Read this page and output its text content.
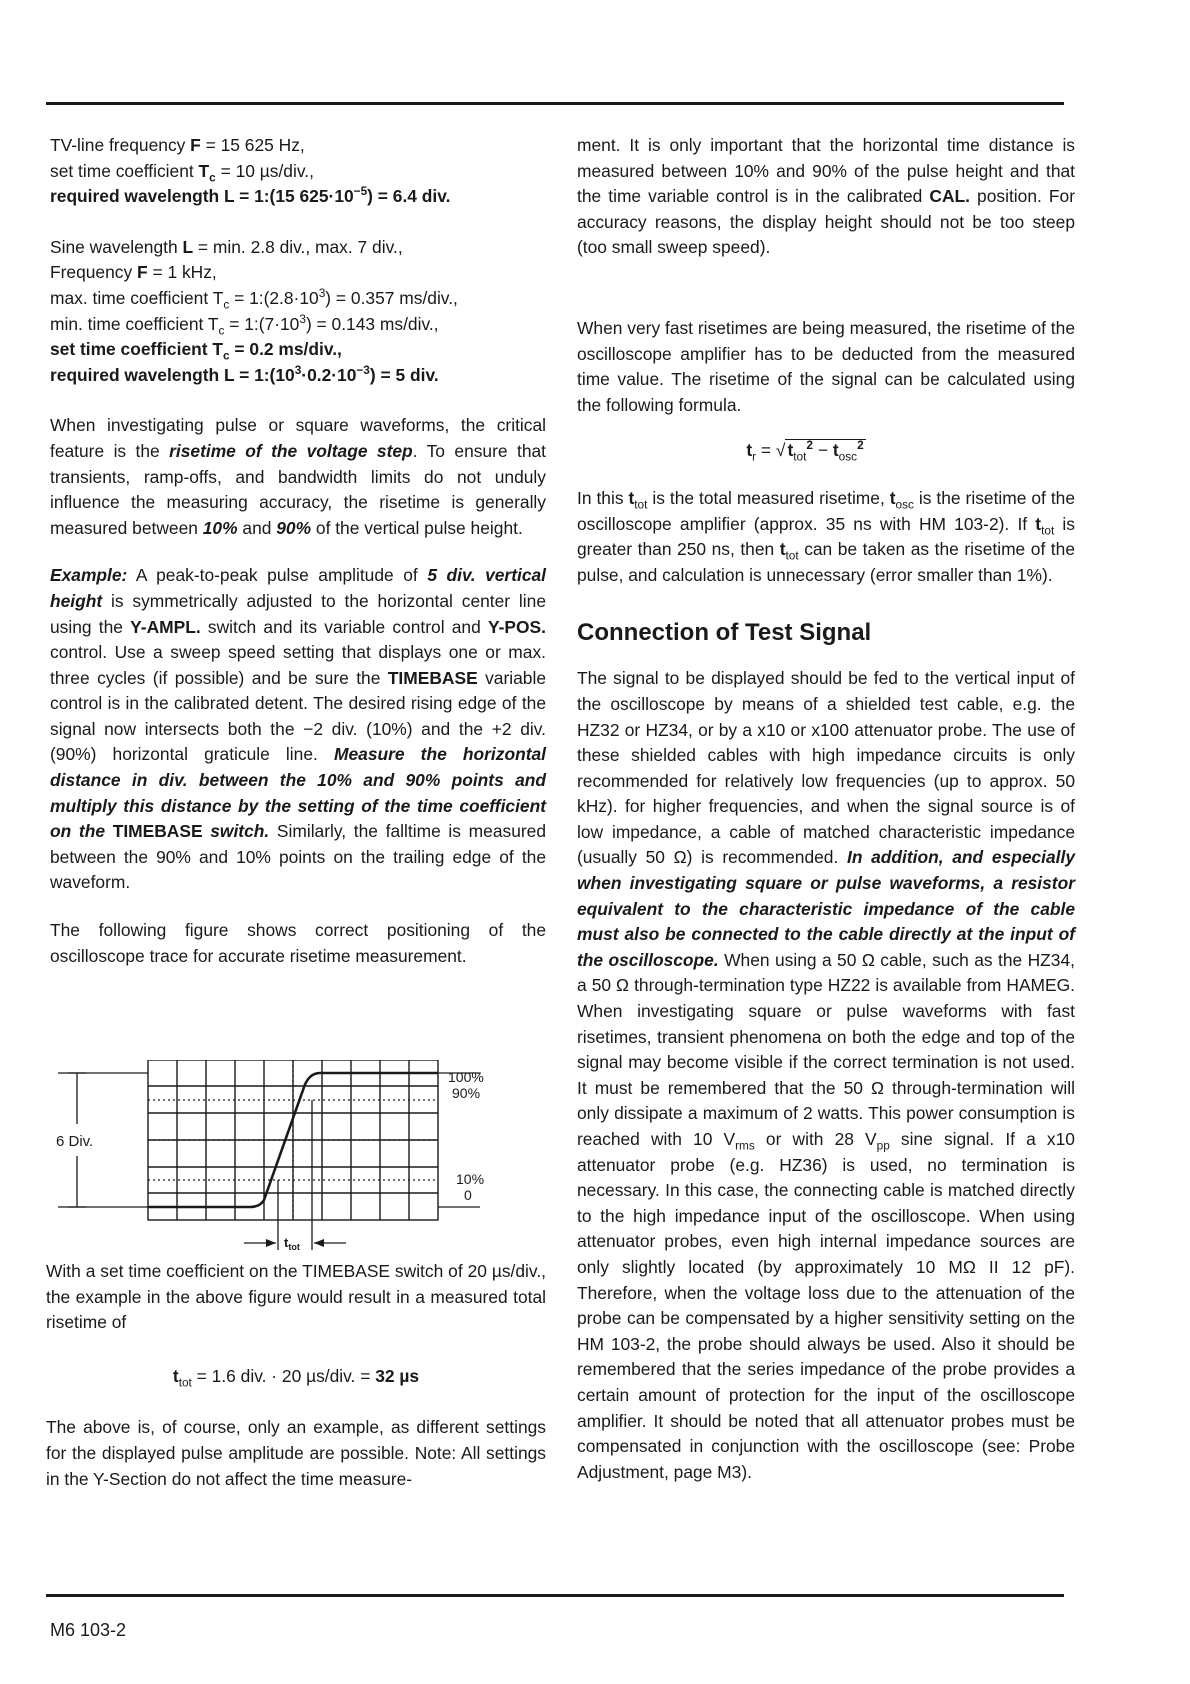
TV-line frequency F = 15 625 Hz,

set time coefficient $T_c = 10$ µs/div.,

required wavelength L = 1:(15 $625\cdot 10^{-5}) = 6.4$ div.

Sine wavelength L = min. 2.8 div., max. 7 div.,

Frequency F = 1 kHz,

max. time coefficient $T_c$ = $1:(2.8\cdot 10^3) = 0.357$ ms/div.,

min. time coefficient $T_c$ = $1:(7\cdot 10^3) = 0.143$ ms/div.,

set time coefficient $T_c = 0.2$ ms/div.,

required wavelength $L = 1:(10^3\cdot 0.2\cdot 10^{-3}) = 5$ div.

When investigating pulse or square waveforms, the critical feature is the risetime of the voltage step. To ensure that transients, ramp-offs, and bandwidth limits do not unduly influence the measuring accuracy, the risetime is generally measured between 10% and 90% of the vertical pulse height.

Example: A peak-to-peak pulse amplitude of 5 div. vertical height is symmetrically adjusted to the horizontal center line using the Y-AMPL. switch and its variable control and Y-POS. control. Use a sweep speed setting that displays one or max. three cycles (if possible) and be sure the TIMEBASE variable control is in the calibrated detent. The desired rising edge of the signal now intersects both the −2 div. (10%) and the +2 div. (90%) horizontal graticule line. Measure the horizontal distance in div. between the 10% and 90% points and multiply this distance by the setting of the time coefficient on the TIMEBASE switch. Similarly, the falltime is measured between the 90% and 10% points on the trailing edge of the waveform.

The following figure shows correct positioning of the oscilloscope trace for accurate risetime measurement.

100%
90%
10%
0
6 Div.
$t_{tot}$

With a set time coefficient on the TIMEBASE switch of 20 µs/div., the example in the above figure would result in a measured total risetime of

$t_{tot} = 1.6$ div. · 20 µs/div. = 32 µs

The above is, of course, only an example, as different settings for the displayed pulse amplitude are possible. Note: All settings in the Y-Section do not affect the time measure-

ment. It is only important that the horizontal time distance is measured between 10% and 90% of the pulse height and that the time variable control is in the calibrated CAL. position. For accuracy reasons, the display height should not be too steep (too small sweep speed).

When very fast risetimes are being measured, the risetime of the oscilloscope amplifier has to be deducted from the measured time value. The risetime of the signal can be calculated using the following formula.

$t_r$ = √ $t_{tot}^2 - t_{osc}^2$

In this $t_{tot}$ is the total measured risetime, $t_{osc}$ is the risetime of the oscilloscope amplifier (approx. 35 ns with HM 103-2). If $t_{tot}$ is greater than 250 ns, then $t_{tot}$ can be taken as the risetime of the pulse, and calculation is unnecessary (error smaller than 1%).

Connection of Test Signal

The signal to be displayed should be fed to the vertical input of the oscilloscope by means of a shielded test cable, e.g. the HZ32 or HZ34, or by a x10 or x100 attenuator probe. The use of these shielded cables with high impedance circuits is only recommended for relatively low frequencies (up to approx. 50 kHz). for higher frequencies, and when the signal source is of low impedance, a cable of matched characteristic impedance (usually 50 Ω) is recommended. In addition, and especially when investigating square or pulse waveforms, a resistor equivalent to the characteristic impedance of the cable must also be connected to the cable directly at the input of the oscilloscope. When using a 50 Ω cable, such as the HZ34, a 50 Ω through-termination type HZ22 is available from HAMEG. When investigating square or pulse waveforms with fast risetimes, transient phenomena on both the edge and top of the signal may become visible if the correct termination is not used. It must be remembered that the 50 Ω through-termination will only dissipate a maximum of 2 watts. This power consumption is reached with 10 $V_{rms}$ or with 28 $V_{pp}$ sine signal. If a x10 attenuator probe (e.g. HZ36) is used, no termination is necessary. In this case, the connecting cable is matched directly to the high impedance input of the oscilloscope. When using attenuator probes, even high internal impedance sources are only slightly located (by approximately 10 MΩ II 12 pF). Therefore, when the voltage loss due to the attenuation of the probe can be compensated by a higher sensitivity setting on the HM 103-2, the probe should always be used. Also it should be remembered that the series impedance of the probe provides a certain amount of protection for the input of the oscilloscope amplifier. It should be noted that all attenuator probes must be compensated in conjunction with the oscilloscope (see: Probe Adjustment, page M3).

M6 103-2
